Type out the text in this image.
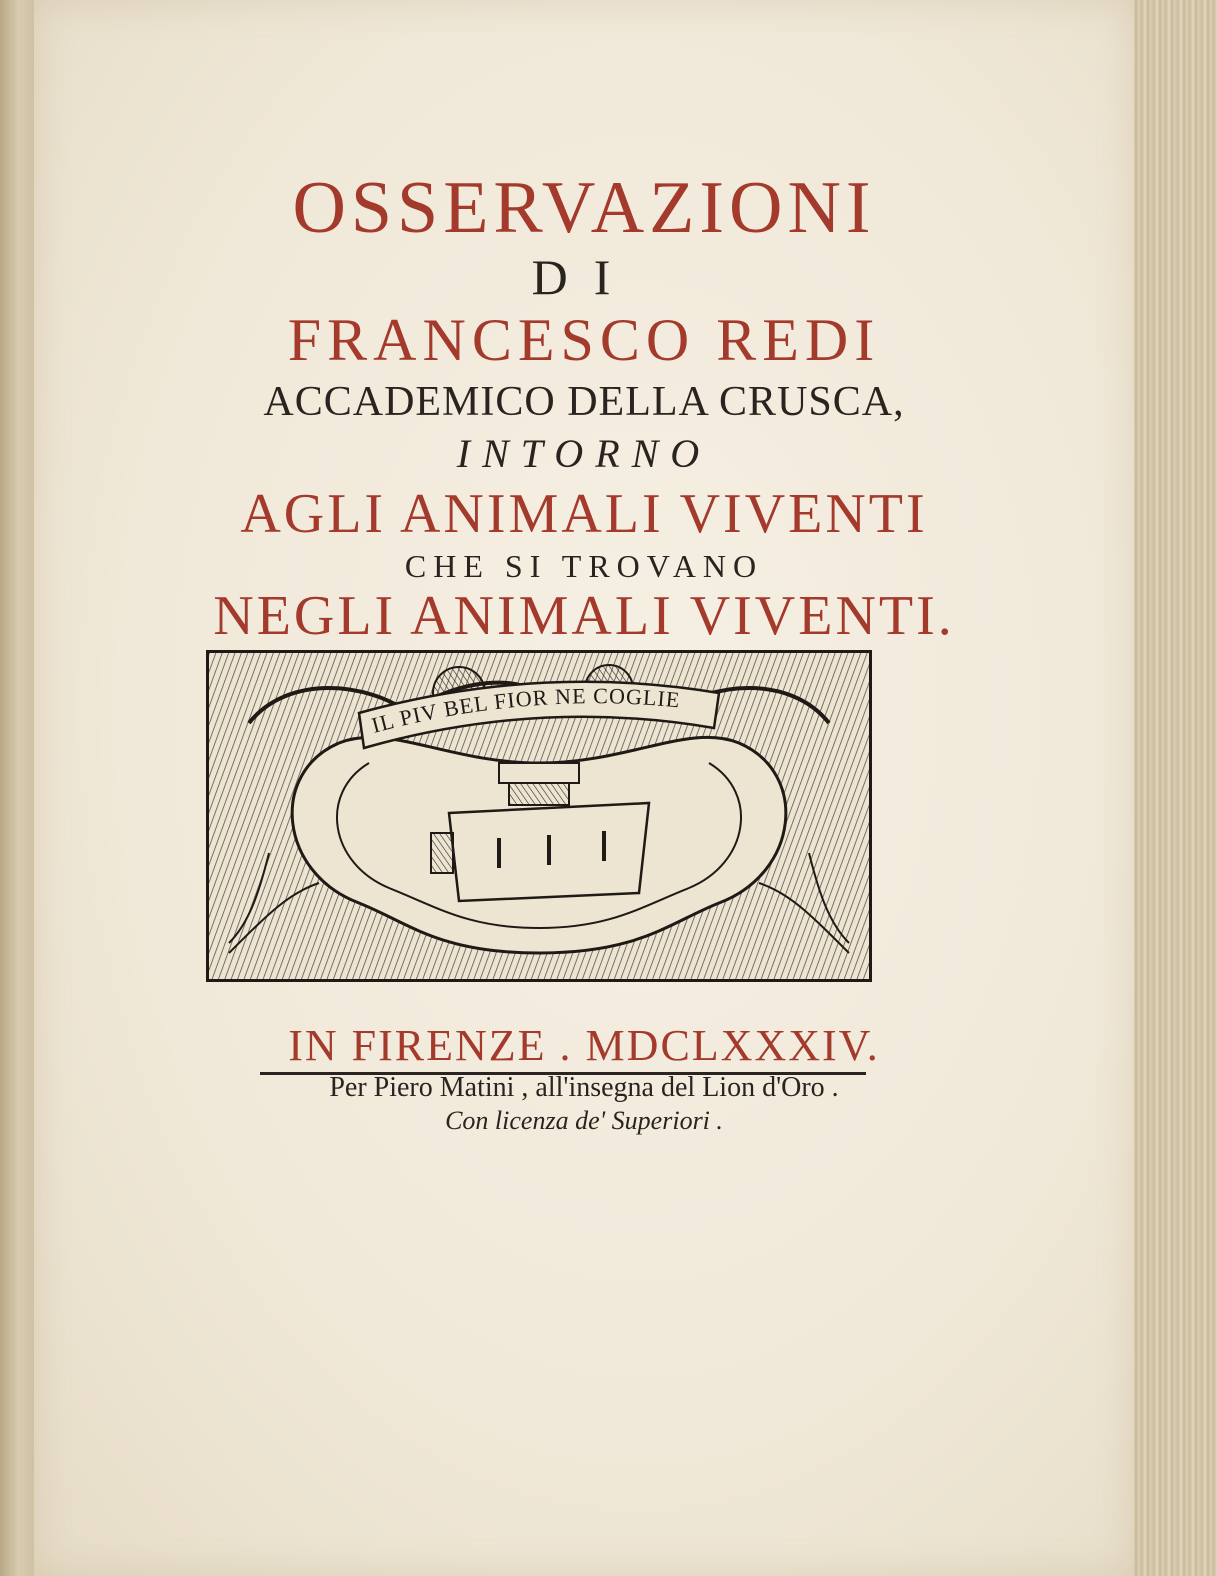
OSSERVAZIONI
DI
FRANCESCO REDI
ACCADEMICO DELLA CRUSCA,
INTORNO
AGLI ANIMALI VIVENTI
CHE SI TROVANO
NEGLI ANIMALI VIVENTI.
IL PIV BEL FIOR NE COGLIE
IN FIRENZE . MDCLXXXIV.
Per Piero Matini , all'insegna del Lion d'Oro .
Con licenza de' Superiori .
